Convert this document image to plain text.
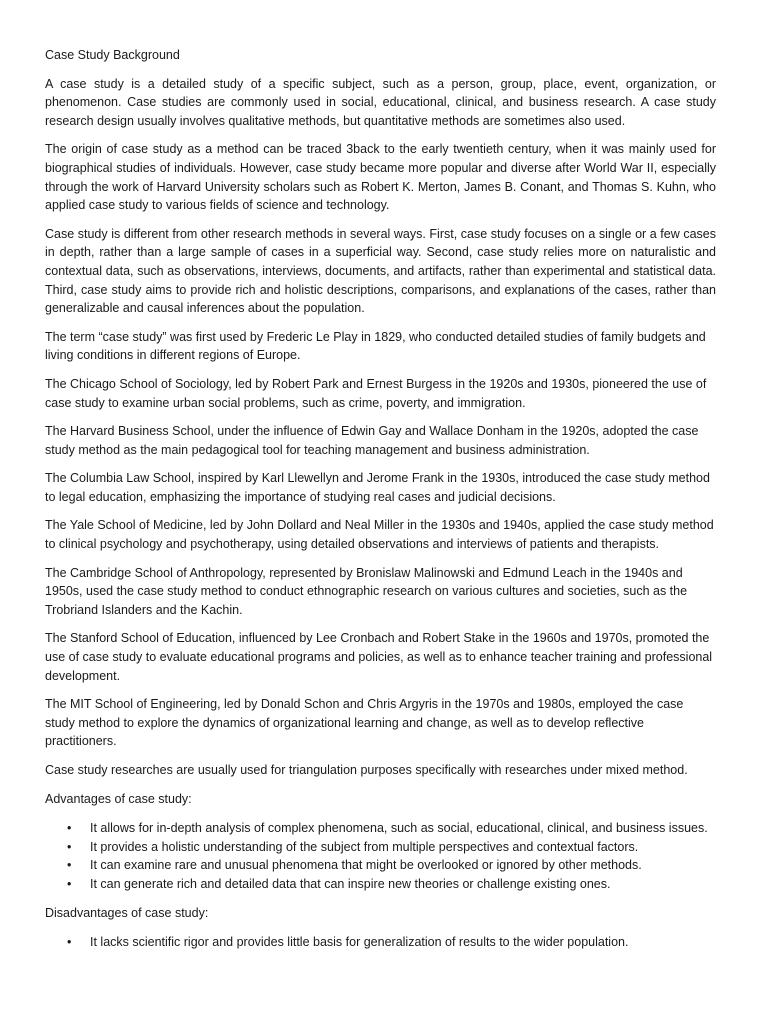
Case Study Background

A case study is a detailed study of a specific subject, such as a person, group, place, event, organization, or phenomenon. Case studies are commonly used in social, educational, clinical, and business research. A case study research design usually involves qualitative methods, but quantitative methods are sometimes also used.

The origin of case study as a method can be traced 3back to the early twentieth century, when it was mainly used for biographical studies of individuals. However, case study became more popular and diverse after World War II, especially through the work of Harvard University scholars such as Robert K. Merton, James B. Conant, and Thomas S. Kuhn, who applied case study to various fields of science and technology.

Case study is different from other research methods in several ways. First, case study focuses on a single or a few cases in depth, rather than a large sample of cases in a superficial way. Second, case study relies more on naturalistic and contextual data, such as observations, interviews, documents, and artifacts, rather than experimental and statistical data. Third, case study aims to provide rich and holistic descriptions, comparisons, and explanations of the cases, rather than generalizable and causal inferences about the population.

The term “case study” was first used by Frederic Le Play in 1829, who conducted detailed studies of family budgets and living conditions in different regions of Europe.

The Chicago School of Sociology, led by Robert Park and Ernest Burgess in the 1920s and 1930s, pioneered the use of case study to examine urban social problems, such as crime, poverty, and immigration.

The Harvard Business School, under the influence of Edwin Gay and Wallace Donham in the 1920s, adopted the case study method as the main pedagogical tool for teaching management and business administration.

The Columbia Law School, inspired by Karl Llewellyn and Jerome Frank in the 1930s, introduced the case study method to legal education, emphasizing the importance of studying real cases and judicial decisions.

The Yale School of Medicine, led by John Dollard and Neal Miller in the 1930s and 1940s, applied the case study method to clinical psychology and psychotherapy, using detailed observations and interviews of patients and therapists.

The Cambridge School of Anthropology, represented by Bronislaw Malinowski and Edmund Leach in the 1940s and 1950s, used the case study method to conduct ethnographic research on various cultures and societies, such as the Trobriand Islanders and the Kachin.

The Stanford School of Education, influenced by Lee Cronbach and Robert Stake in the 1960s and 1970s, promoted the use of case study to evaluate educational programs and policies, as well as to enhance teacher training and professional development.

The MIT School of Engineering, led by Donald Schon and Chris Argyris in the 1970s and 1980s, employed the case study method to explore the dynamics of organizational learning and change, as well as to develop reflective practitioners.

Case study researches are usually used for triangulation purposes specifically with researches under mixed method.

Advantages of case study:
• It allows for in-depth analysis of complex phenomena, such as social, educational, clinical, and business issues.
• It provides a holistic understanding of the subject from multiple perspectives and contextual factors.
• It can examine rare and unusual phenomena that might be overlooked or ignored by other methods.
• It can generate rich and detailed data that can inspire new theories or challenge existing ones.
Disadvantages of case study:
• It lacks scientific rigor and provides little basis for generalization of results to the wider population.
